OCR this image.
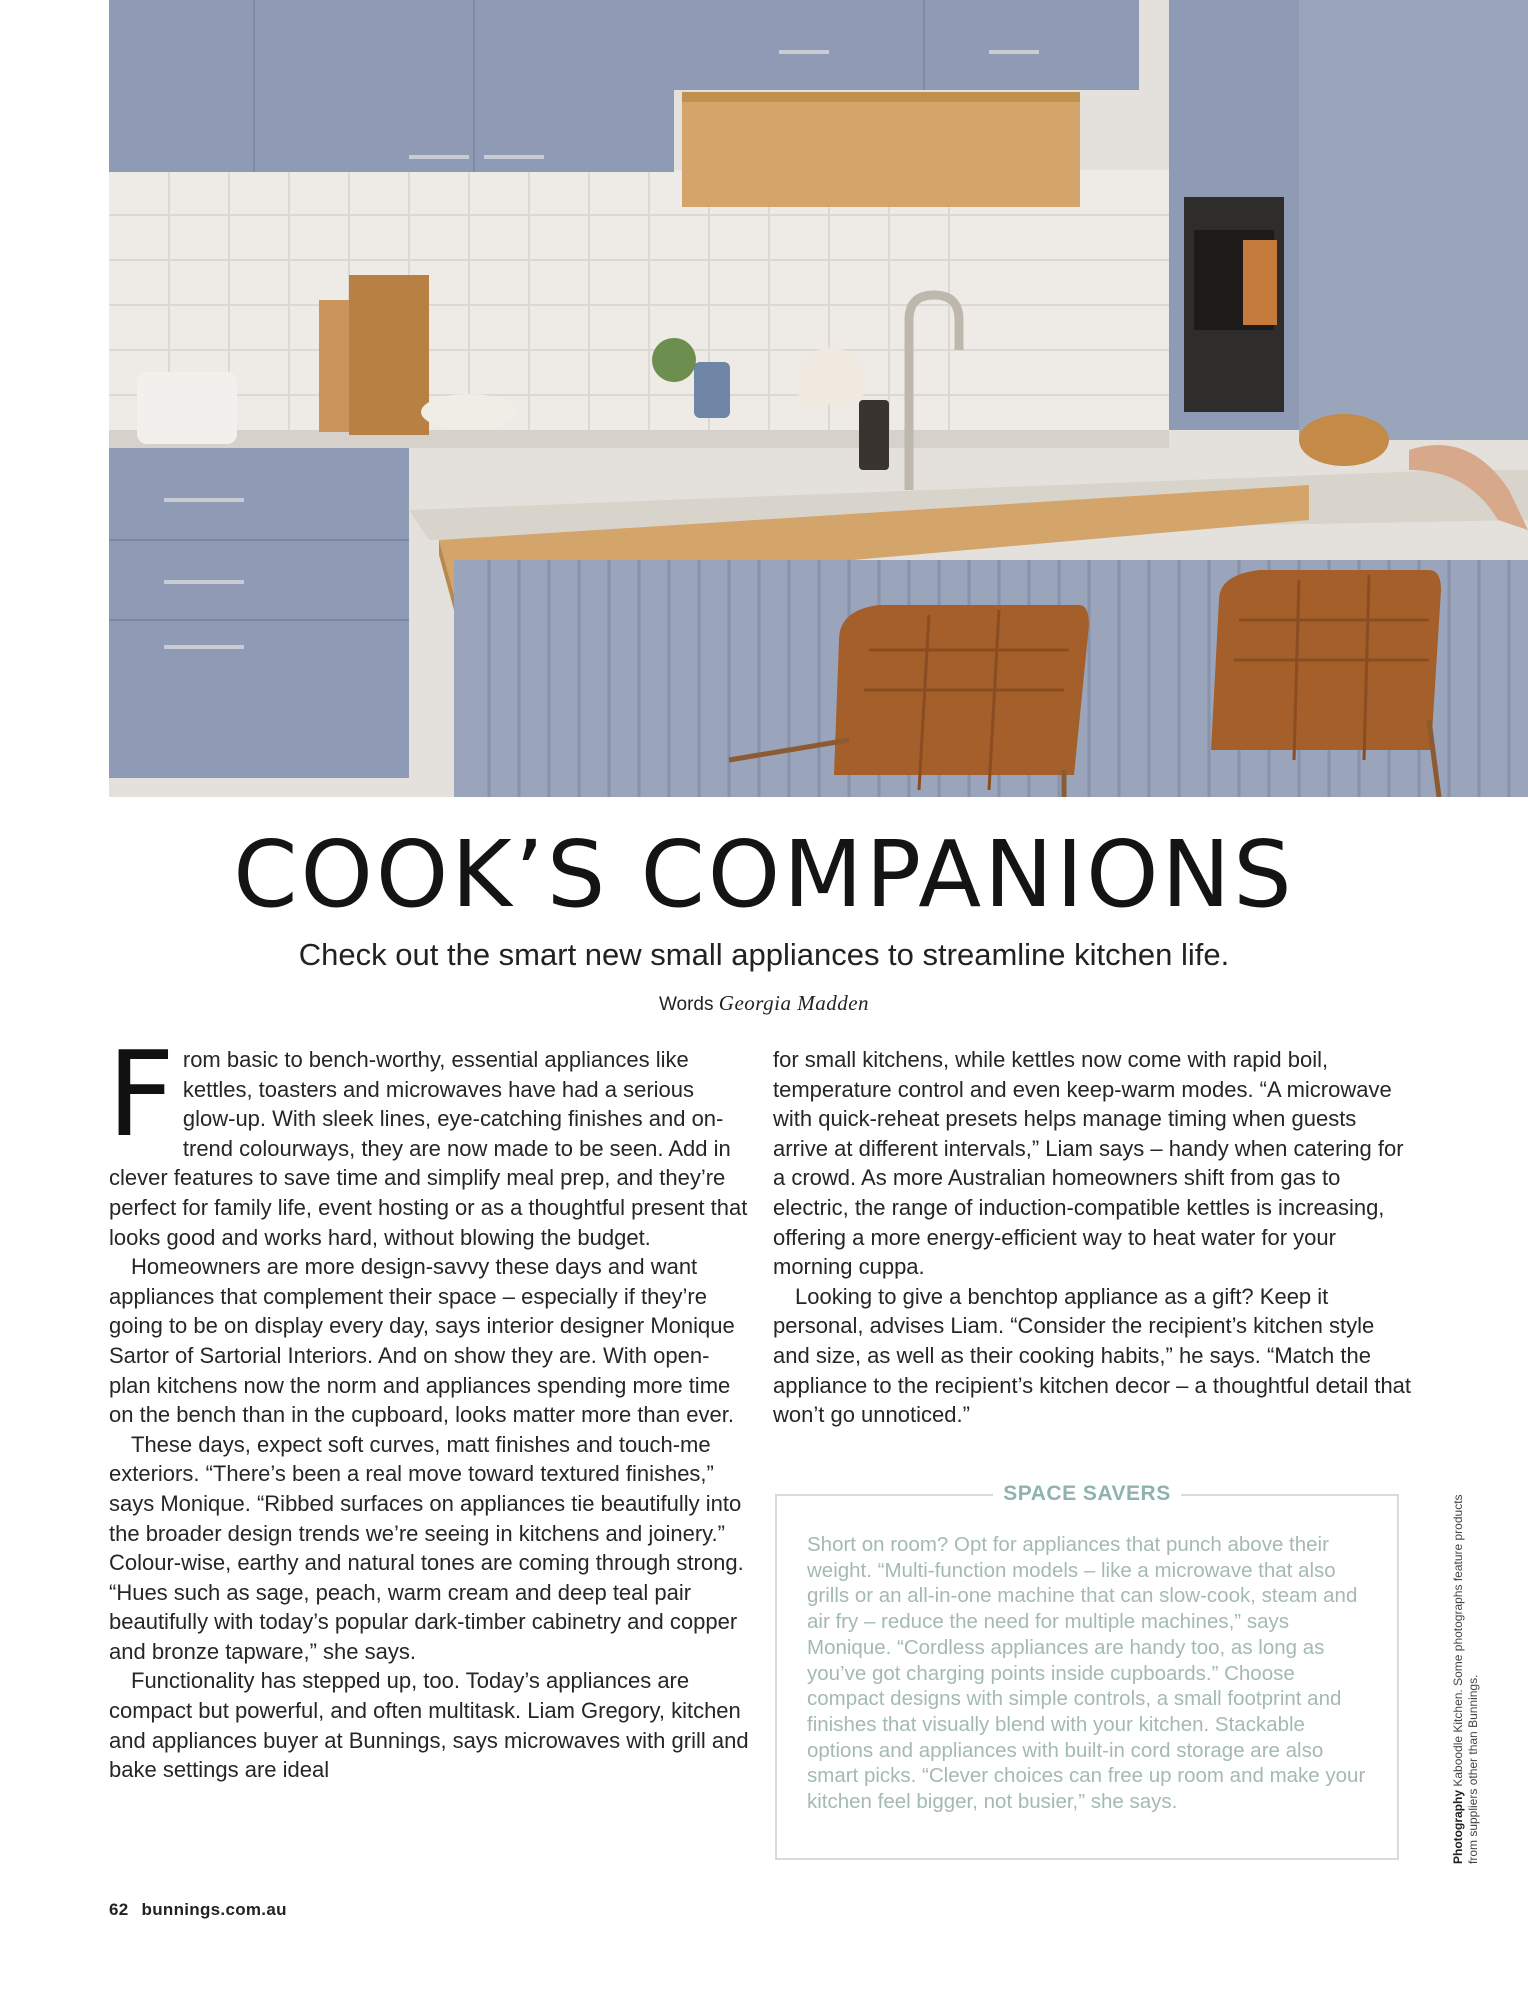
COOK’S COMPANIONS

Check out the smart new small appliances to streamline kitchen life.

Words Georgia Madden

From basic to bench-worthy, essential appliances like kettles, toasters and microwaves have had a serious glow-up. With sleek lines, eye-catching finishes and on-trend colourways, they are now made to be seen. Add in clever features to save time and simplify meal prep, and they’re perfect for family life, event hosting or as a thoughtful present that looks good and works hard, without blowing the budget.

Homeowners are more design-savvy these days and want appliances that complement their space – especially if they’re going to be on display every day, says interior designer Monique Sartor of Sartorial Interiors. And on show they are. With open-plan kitchens now the norm and appliances spending more time on the bench than in the cupboard, looks matter more than ever.

These days, expect soft curves, matt finishes and touch-me exteriors. “There’s been a real move toward textured finishes,” says Monique. “Ribbed surfaces on appliances tie beautifully into the broader design trends we’re seeing in kitchens and joinery.” Colour-wise, earthy and natural tones are coming through strong. “Hues such as sage, peach, warm cream and deep teal pair beautifully with today’s popular dark-timber cabinetry and copper and bronze tapware,” she says.

Functionality has stepped up, too. Today’s appliances are compact but powerful, and often multitask. Liam Gregory, kitchen and appliances buyer at Bunnings, says microwaves with grill and bake settings are ideal

for small kitchens, while kettles now come with rapid boil, temperature control and even keep-warm modes. “A microwave with quick-reheat presets helps manage timing when guests arrive at different intervals,” Liam says – handy when catering for a crowd. As more Australian homeowners shift from gas to electric, the range of induction-compatible kettles is increasing, offering a more energy-efficient way to heat water for your morning cuppa.

Looking to give a benchtop appliance as a gift? Keep it personal, advises Liam. “Consider the recipient’s kitchen style and size, as well as their cooking habits,” he says. “Match the appliance to the recipient’s kitchen decor – a thoughtful detail that won’t go unnoticed.”

SPACE SAVERS

Short on room? Opt for appliances that punch above their weight. “Multi-function models – like a microwave that also grills or an all-in-one machine that can slow-cook, steam and air fry – reduce the need for multiple machines,” says Monique. “Cordless appliances are handy too, as long as you’ve got charging points inside cupboards.” Choose compact designs with simple controls, a small footprint and finishes that visually blend with your kitchen. Stackable options and appliances with built-in cord storage are also smart picks. “Clever choices can free up room and make your kitchen feel bigger, not busier,” she says.	Photography Kaboodle Kitchen. Some photographs feature products from suppliers other than Bunnings.
62 bunnings.com.au
